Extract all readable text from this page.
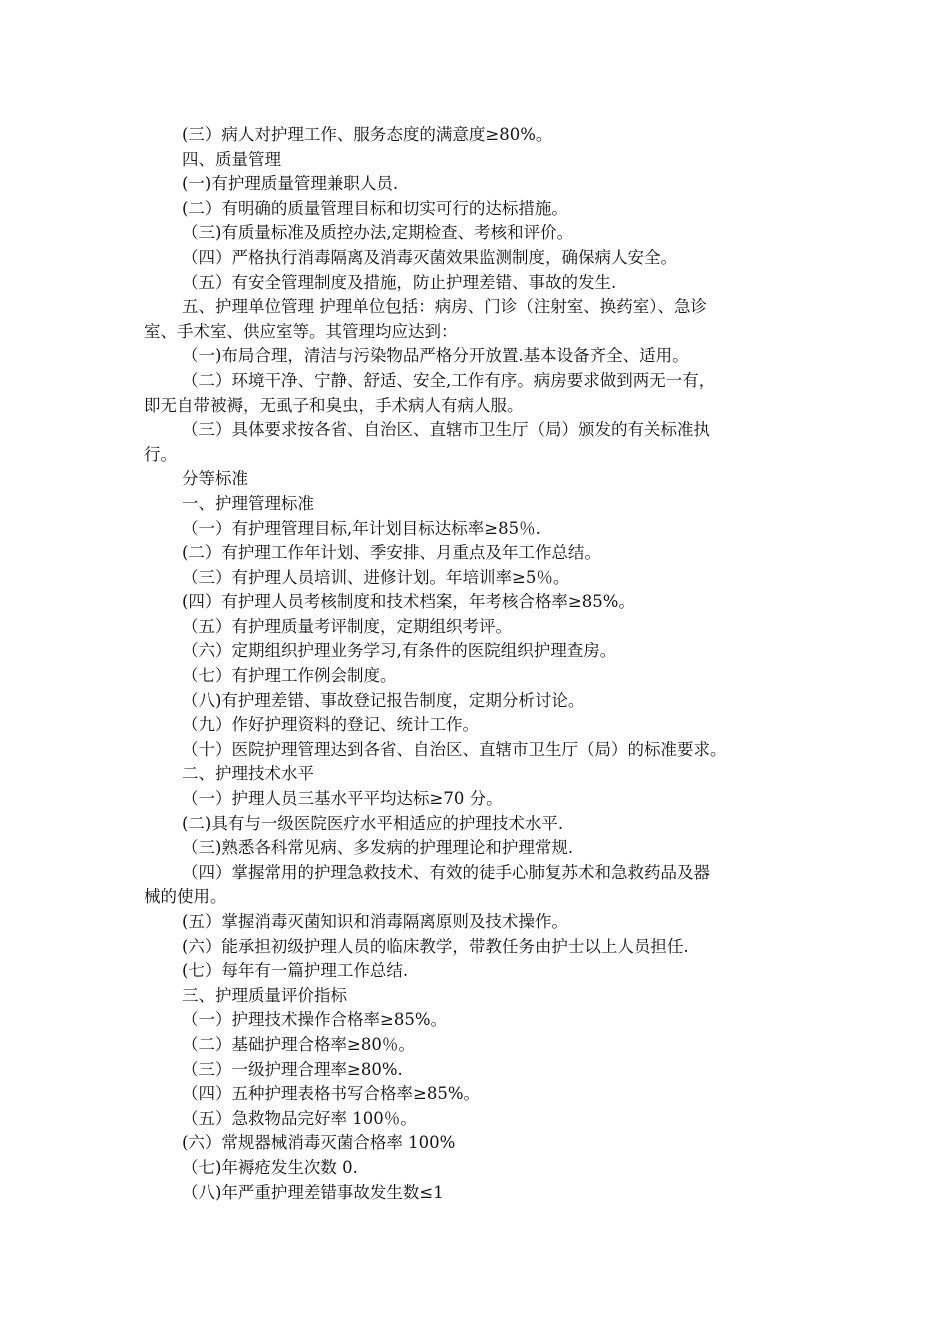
(三）病人对护理工作、服务态度的满意度≥80%。
四、质量管理
(一)有护理质量管理兼职人员.
(二）有明确的质量管理目标和切实可行的达标措施。
（三)有质量标准及质控办法,定期检查、考核和评价。
（四）严格执行消毒隔离及消毒灭菌效果监测制度，确保病人安全。
（五）有安全管理制度及措施，防止护理差错、事故的发生.
五、护理单位管理 护理单位包括：病房、门诊（注射室、换药室）、急诊
室、手术室、供应室等。其管理均应达到：
（一)布局合理，清洁与污染物品严格分开放置.基本设备齐全、适用。
（二）环境干净、宁静、舒适、安全,工作有序。病房要求做到两无一有，
即无自带被褥，无虱子和臭虫，手术病人有病人服。
（三）具体要求按各省、自治区、直辖市卫生厅（局）颁发的有关标准执
行。
分等标准
一、护理管理标准
（一）有护理管理目标,年计划目标达标率≥85％.
(二）有护理工作年计划、季安排、月重点及年工作总结。
（三）有护理人员培训、进修计划。年培训率≥5％。
(四）有护理人员考核制度和技术档案，年考核合格率≥85%。
（五）有护理质量考评制度，定期组织考评。
（六）定期组织护理业务学习,有条件的医院组织护理查房。
（七）有护理工作例会制度。
（八)有护理差错、事故登记报告制度，定期分析讨论。
（九）作好护理资料的登记、统计工作。
（十）医院护理管理达到各省、自治区、直辖市卫生厅（局）的标准要求。
二、护理技术水平
（一）护理人员三基水平平均达标≥70 分。
(二)具有与一级医院医疗水平相适应的护理技术水平.
（三)熟悉各科常见病、多发病的护理理论和护理常规.
（四）掌握常用的护理急救技术、有效的徒手心肺复苏术和急救药品及器
械的使用。
(五）掌握消毒灭菌知识和消毒隔离原则及技术操作。
(六）能承担初级护理人员的临床教学，带教任务由护士以上人员担任.
(七）每年有一篇护理工作总结.
三、护理质量评价指标
（一）护理技术操作合格率≥85%。
（二）基础护理合格率≥80％。
（三）一级护理合理率≥80%.
（四）五种护理表格书写合格率≥85%。
（五）急救物品完好率 100％。
(六）常规器械消毒灭菌合格率 100%
（七)年褥疮发生次数 0.
（八)年严重护理差错事故发生数≤1
